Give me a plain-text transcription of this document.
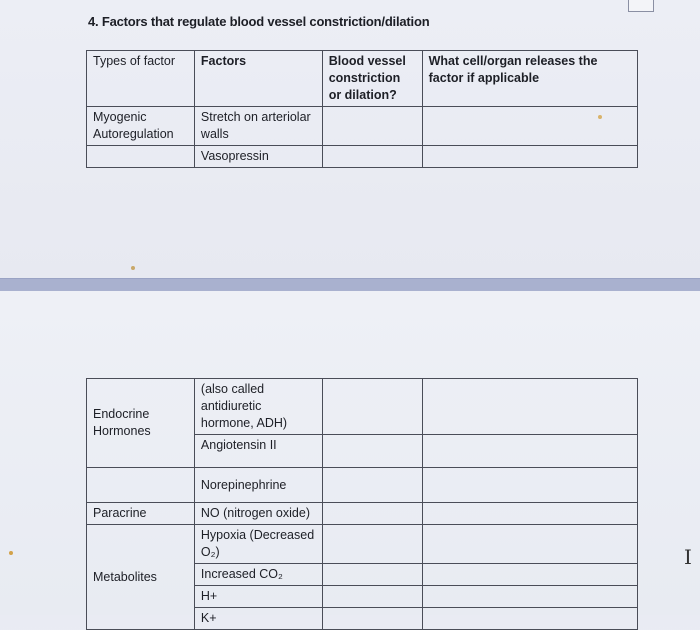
4. Factors that regulate blood vessel constriction/dilation
Types of factor	Factors	Blood vessel constriction or dilation?	What cell/organ releases the factor if applicable
Myogenic Autoregulation	Stretch on arteriolar walls		
	Vasopressin		
Endocrine Hormones	(also called antidiuretic hormone, ADH)		
	Angiotensin II		
	Norepinephrine		
Paracrine	NO (nitrogen oxide)		
Metabolites	Hypoxia (Decreased O₂)		
	Increased CO₂		
	H+		
	K+		
I
